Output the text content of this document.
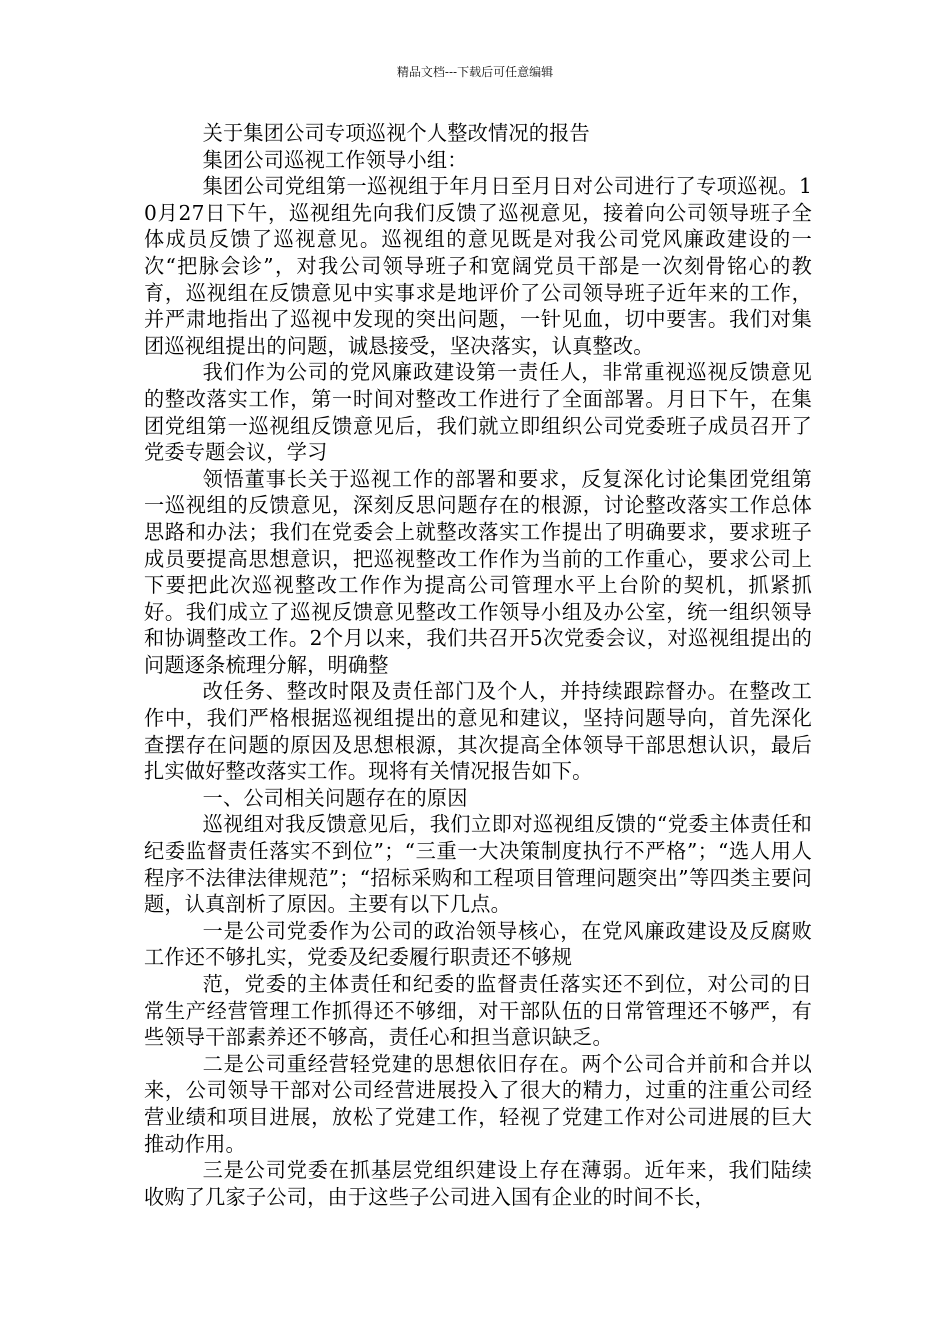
精品文档---下载后可任意编辑

关于集团公司专项巡视个人整改情况的报告

集团公司巡视工作领导小组：

集团公司党组第一巡视组于年月日至月日对公司进行了专项巡视。10月27日下午，巡视组先向我们反馈了巡视意见，接着向公司领导班子全体成员反馈了巡视意见。巡视组的意见既是对我公司党风廉政建设的一次“把脉会诊”，对我公司领导班子和宽阔党员干部是一次刻骨铭心的教育，巡视组在反馈意见中实事求是地评价了公司领导班子近年来的工作，并严肃地指出了巡视中发现的突出问题，一针见血，切中要害。我们对集团巡视组提出的问题，诚恳接受，坚决落实，认真整改。

我们作为公司的党风廉政建设第一责任人，非常重视巡视反馈意见的整改落实工作，第一时间对整改工作进行了全面部署。月日下午，在集团党组第一巡视组反馈意见后，我们就立即组织公司党委班子成员召开了党委专题会议，学习

领悟董事长关于巡视工作的部署和要求，反复深化讨论集团党组第一巡视组的反馈意见，深刻反思问题存在的根源，讨论整改落实工作总体思路和办法；我们在党委会上就整改落实工作提出了明确要求，要求班子成员要提高思想意识，把巡视整改工作作为当前的工作重心，要求公司上下要把此次巡视整改工作作为提高公司管理水平上台阶的契机，抓紧抓好。我们成立了巡视反馈意见整改工作领导小组及办公室，统一组织领导和协调整改工作。2个月以来，我们共召开5次党委会议，对巡视组提出的问题逐条梳理分解，明确整

改任务、整改时限及责任部门及个人，并持续跟踪督办。在整改工作中，我们严格根据巡视组提出的意见和建议，坚持问题导向，首先深化查摆存在问题的原因及思想根源，其次提高全体领导干部思想认识，最后扎实做好整改落实工作。现将有关情况报告如下。

一、公司相关问题存在的原因

巡视组对我反馈意见后，我们立即对巡视组反馈的“党委主体责任和纪委监督责任落实不到位”；“三重一大决策制度执行不严格”；“选人用人程序不法律法律规范”；“招标采购和工程项目管理问题突出”等四类主要问题，认真剖析了原因。主要有以下几点。

一是公司党委作为公司的政治领导核心，在党风廉政建设及反腐败工作还不够扎实，党委及纪委履行职责还不够规

范，党委的主体责任和纪委的监督责任落实还不到位，对公司的日常生产经营管理工作抓得还不够细，对干部队伍的日常管理还不够严，有些领导干部素养还不够高，责任心和担当意识缺乏。

二是公司重经营轻党建的思想依旧存在。两个公司合并前和合并以来，公司领导干部对公司经营进展投入了很大的精力，过重的注重公司经营业绩和项目进展，放松了党建工作，轻视了党建工作对公司进展的巨大推动作用。

三是公司党委在抓基层党组织建设上存在薄弱。近年来，我们陆续收购了几家子公司，由于这些子公司进入国有企业的时间不长，
